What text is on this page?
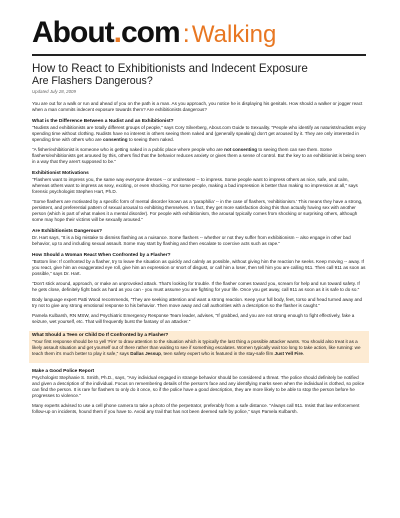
About.com : Walking
How to React to Exhibitionists and Indecent Exposure
Are Flashers Dangerous?
Updated July 28, 2009
You are out for a walk or run and ahead of you on the path is a man. As you approach, you notice he is displaying his genitals. How should a walker or jogger react when a man commits indecent exposure towards them? Are exhibitionists dangerous?
What is the Difference Between a Nudist and an Exhibitionist?

"Nudists and exhibitionists are totally different groups of people," says Cory Silverberg, About.com Guide to Sexuality. "People who identify as naturists/nudists enjoy spending time without clothing. Nudists have no interest in others seeing them naked and (generally speaking) don't get aroused by it. They are only interested in spending time with others who are consenting to seeing them naked.

"A fisher/exhibitionist is someone who is getting naked in a public place where people who are not consenting to seeing them can see them. Some flashers/exhibitionists get aroused by this, others find that the behavior reduces anxiety or gives them a sense of control. But the key to an exhibitionist is being seen in a way that they aren't supposed to be."

Exhibitionist Motivations

"Flashers want to impress you, the same way everyone dresses -- or undresses! -- to impress. Some people want to impress others as nice, safe, and calm, whereas others want to impress as sexy, exciting, or even shocking. For some people, making a bad impression is better than making no impression at all," says forensic psychologist Stephen Hart, Ph.D.

"Some flashers are motivated by a specific form of mental disorder known as a 'paraphilia' -- in the case of flashers, 'exhibitionism.' This means they have a strong, persistent, and preferential pattern of sexual arousal to exhibiting themselves. In fact, they get more satisfaction doing this than actually having sex with another person (which is part of what makes it a mental disorder). For people with exhibitionism, the arousal typically comes from shocking or surprising others, although some may hope their victims will be sexually aroused."

Are Exhibitionists Dangerous?

Dr. Hart says, "It is a big mistake to dismiss flashing as a nuisance. Some flashers -- whether or not they suffer from exhibitionism -- also engage in other bad behavior, up to and including sexual assault. Some may start by flashing and then escalate to coercive acts such as rape."

How Should a Woman React When Confronted by a Flasher?

"Bottom line: If confronted by a flasher, try to leave the situation as quickly and calmly as possible, without giving him the reaction he seeks. Keep moving -- away. If you react, give him an exaggerated eye roll, give him an expression or snort of disgust, or call him a loser, then tell him you are calling 911. Then call 911 as soon as possible," says Dr. Hart.

"Don't stick around, approach, or make an unprovoked attack. That's looking for trouble. If the flasher comes toward you, scream for help and run toward safety. If he gets close, definitely fight back as hard as you can - you must assume you are fighting for your life. Once you get away, call 911 as soon as it is safe to do so."

Body language expert Patti Wood recommends, "They are seeking attention and want a strong reaction. Keep your full body, feet, torso and head turned away and try not to give any strong emotional response to his behavior. Then move away and call authorities with a description so the flasher is caught."

Pamela Kulbarsh, RN MSW, and Psychiatric Emergency Response Team leader, advises, "If grabbed, and you are not strong enough to fight effectively, fake a seizure, wet yourself, etc. That will frequently burst the fantasy of an attacker."

What Should a Teen or Child Do If Confronted by a Flasher?

"Your first response should be to yell 'Fire' to draw attention to the situation which is typically the last thing a possible attacker wants. You should also treat it as a likely assault situation and get yourself out of there rather than waiting to see if something escalates. Women typically wait too long to take action, like running: we teach them it's much better to play it safe," says Dallas Jessup, teen safety expert who is featured in the stay-safe film Just Yell Fire.

Make a Good Police Report

Psychologist Stephanie S. Smith, Ph.D., says, "Any individual engaged in strange behavior should be considered a threat. The police should definitely be notified and given a description of the individual. Focus on remembering details of the person's face and any identifying marks seen when the individual is clothed, so police can find the person. It is rare for flashers to only do it once, so if the police have a good description, they are more likely to be able to stop the person before he progresses to violence."

Many experts advised to use a cell phone camera to take a photo of the perpetrator, preferably from a safe distance. "Always call 911. Insist that law enforcement follow-up on incidents, hound them if you have to. Avoid any trail that has not been deemed safe by police," says Pamela Kulbarsh.
